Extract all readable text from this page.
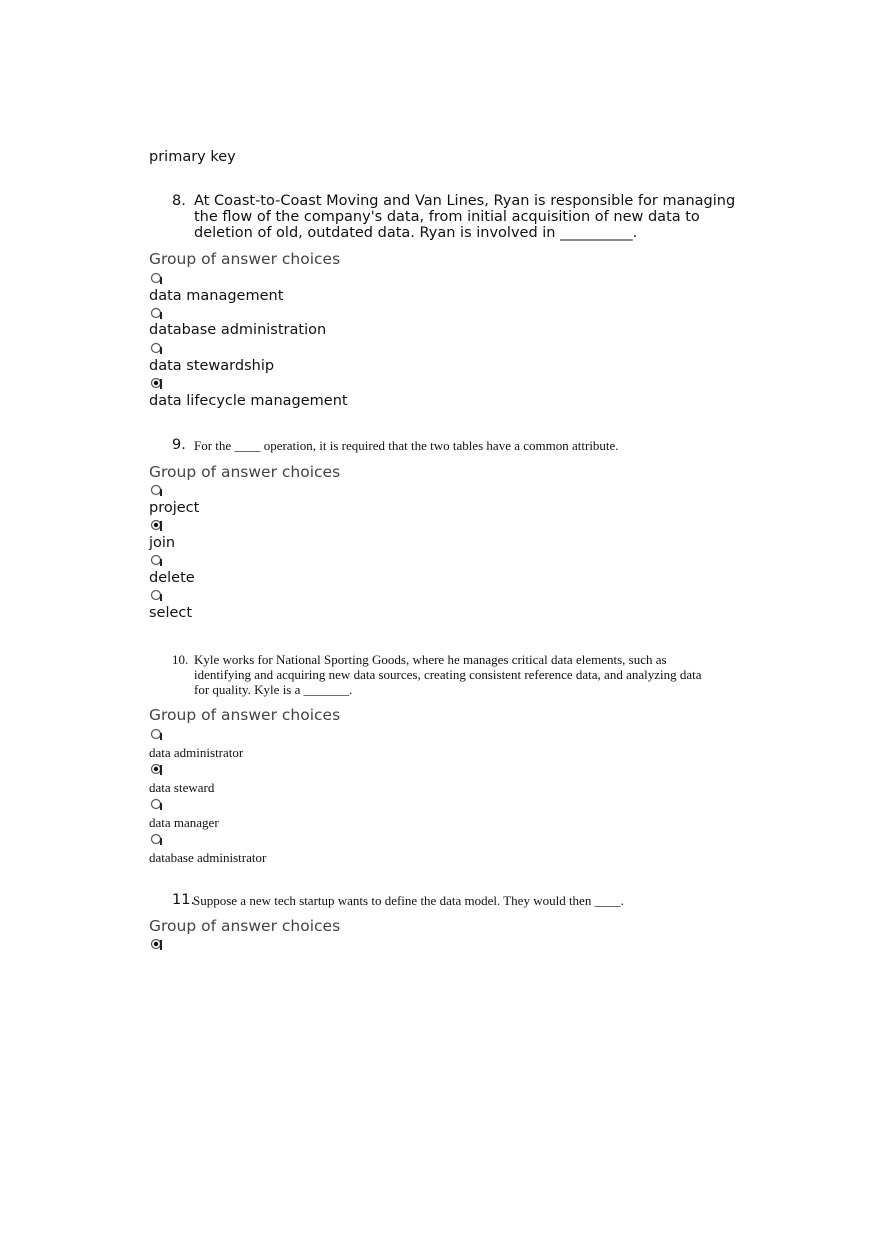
primary key
8. At Coast-to-Coast Moving and Van Lines, Ryan is responsible for managing
the flow of the company's data, from initial acquisition of new data to
deletion of old, outdated data. Ryan is involved in __________.
Group of answer choices
data management
database administration
data stewardship
data lifecycle management
9. For the ____ operation, it is required that the two tables have a common attribute.
Group of answer choices
project
join
delete
select
10. Kyle works for National Sporting Goods, where he manages critical data elements, such as
identifying and acquiring new data sources, creating consistent reference data, and analyzing data
for quality. Kyle is a _______.
Group of answer choices
data administrator
data steward
data manager
database administrator
11.
Suppose a new tech startup wants to define the data model. They would then ____.
Group of answer choices
